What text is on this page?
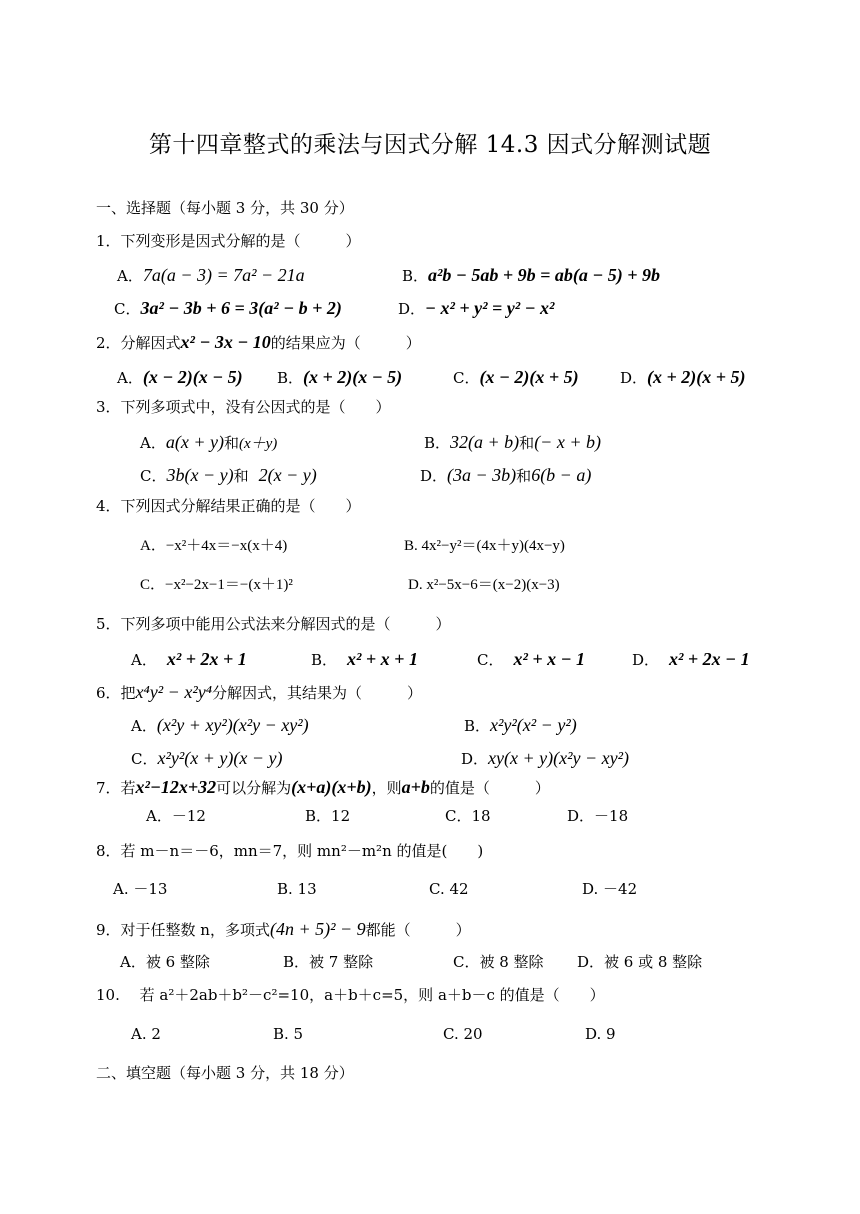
第十四章整式的乘法与因式分解 14.3 因式分解测试题
一、选择题（每小题 3 分，共 30 分）
1．下列变形是因式分解的是（　　　）
A．7a(a − 3) = 7a² − 21a	B．a²b − 5ab + 9b = ab(a − 5) + 9b
C．3a² − 3b + 6 = 3(a² − b + 2)	D．− x² + y² = y² − x²
2．分解因式x² − 3x − 10的结果应为（　　　）
A．(x − 2)(x − 5) B．(x + 2)(x − 5)	C．(x − 2)(x + 5)	D．(x + 2)(x + 5)
3．下列多项式中，没有公因式的是（　　）
A．a(x + y)和(x＋y)	B．32(a + b)和(− x + b)
C．3b(x − y)和 2(x − y)	D．(3a − 3b)和6(b − a)
4．下列因式分解结果正确的是（　　）
A．−x²＋4x＝−x(x＋4)	B. 4x²−y²＝(4x＋y)(4x−y)
C．−x²−2x−1＝−(x＋1)²	D. x²−5x−6＝(x−2)(x−3)
5．下列多项中能用公式法来分解因式的是（　　　）
A． x² + 2x + 1	B． x² + x + 1	C． x² + x − 1	D． x² + 2x − 1
6．把x⁴y² − x²y⁴分解因式，其结果为（　　　）
A．(x²y + xy²)(x²y − xy²)	B．x²y²(x² − y²)
C．x²y²(x + y)(x − y)	D．xy(x + y)(x²y − xy²)
7．若x²−12x+32可以分解为(x+a)(x+b)，则a+b的值是（　　　）
A．－12	B．12	C．18	D．－18
8．若 m－n＝－6，mn＝7，则 mn²－m²n 的值是(　　)
A. －13	B. 13	C. 42	D. －42
9．对于任整数 n，多项式(4n + 5)² − 9都能（　　　）
A．被 6 整除	B．被 7 整除	C．被 8 整除 D．被 6 或 8 整除
10.　 若 a²＋2ab＋b²－c²=10，a＋b＋c=5，则 a＋b－c 的值是（　　）
A. 2	B. 5	C. 20	D. 9
二、填空题（每小题 3 分，共 18 分）
